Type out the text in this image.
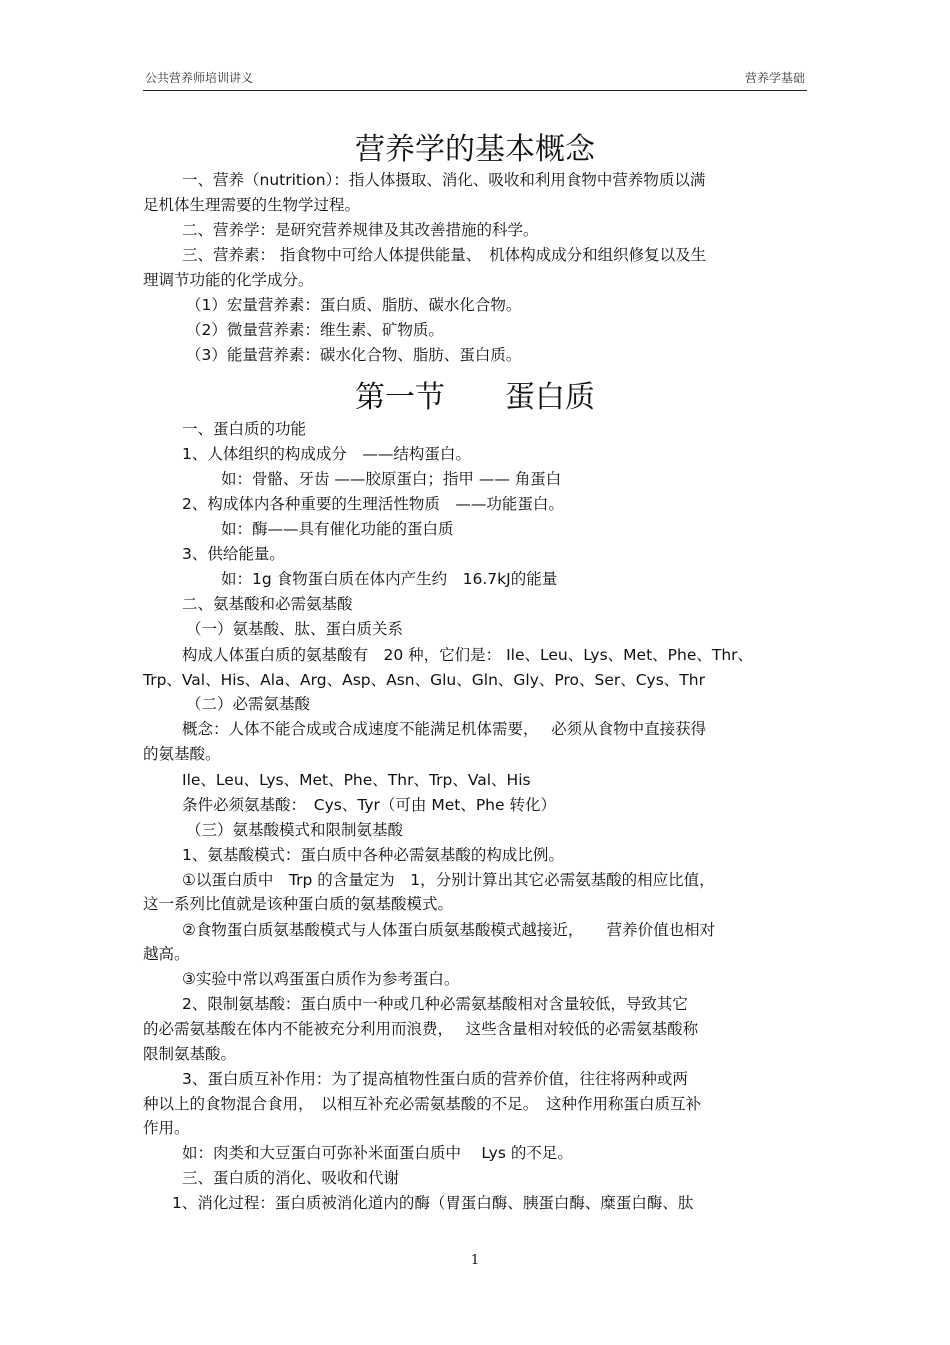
公共营养师培训讲义	营养学基础
营养学的基本概念
一、营养（nutrition）：指人体摄取、消化、吸收和利用食物中营养物质以满
足机体生理需要的生物学过程。
二、营养学：是研究营养规律及其改善措施的科学。
三、营养素： 指食物中可给人体提供能量、　机体构成成分和组织修复以及生
理调节功能的化学成分。
（1）宏量营养素：蛋白质、脂肪、碳水化合物。
（2）微量营养素：维生素、矿物质。
（3）能量营养素：碳水化合物、脂肪、蛋白质。
第一节　　蛋白质
一、蛋白质的功能
1、人体组织的构成成分　——结构蛋白。
如：骨骼、牙齿 ——胶原蛋白；指甲 —— 角蛋白
2、构成体内各种重要的生理活性物质　——功能蛋白。
如：酶——具有催化功能的蛋白质
3、供给能量。
如：1g 食物蛋白质在体内产生约　16.7kJ的能量
二、氨基酸和必需氨基酸
（一）氨基酸、肽、蛋白质关系
构成人体蛋白质的氨基酸有　20 种，它们是： Ile、Leu、Lys、Met、Phe、Thr、
Trp、Val、His、Ala、Arg、Asp、Asn、Glu、Gln、Gly、Pro、Ser、Cys、Thr
（二）必需氨基酸
概念：人体不能合成或合成速度不能满足机体需要，　 必须从食物中直接获得
的氨基酸。
Ile、Leu、Lys、Met、Phe、Thr、Trp、Val、His
条件必须氨基酸：　Cys、Tyr（可由 Met、Phe 转化）
（三）氨基酸模式和限制氨基酸
1、氨基酸模式：蛋白质中各种必需氨基酸的构成比例。
①以蛋白质中　Trp 的含量定为　1，分别计算出其它必需氨基酸的相应比值，
这一系列比值就是该种蛋白质的氨基酸模式。
②食物蛋白质氨基酸模式与人体蛋白质氨基酸模式越接近，　　营养价值也相对
越高。
③实验中常以鸡蛋蛋白质作为参考蛋白。
2、限制氨基酸：蛋白质中一种或几种必需氨基酸相对含量较低，导致其它
的必需氨基酸在体内不能被充分利用而浪费，　 这些含量相对较低的必需氨基酸称
限制氨基酸。
3、蛋白质互补作用：为了提高植物性蛋白质的营养价值，往往将两种或两
种以上的食物混合食用，　以相互补充必需氨基酸的不足。　这种作用称蛋白质互补
作用。
如：肉类和大豆蛋白可弥补米面蛋白质中　 Lys 的不足。
三、蛋白质的消化、吸收和代谢
1、消化过程：蛋白质被消化道内的酶（胃蛋白酶、胰蛋白酶、糜蛋白酶、肽
1
